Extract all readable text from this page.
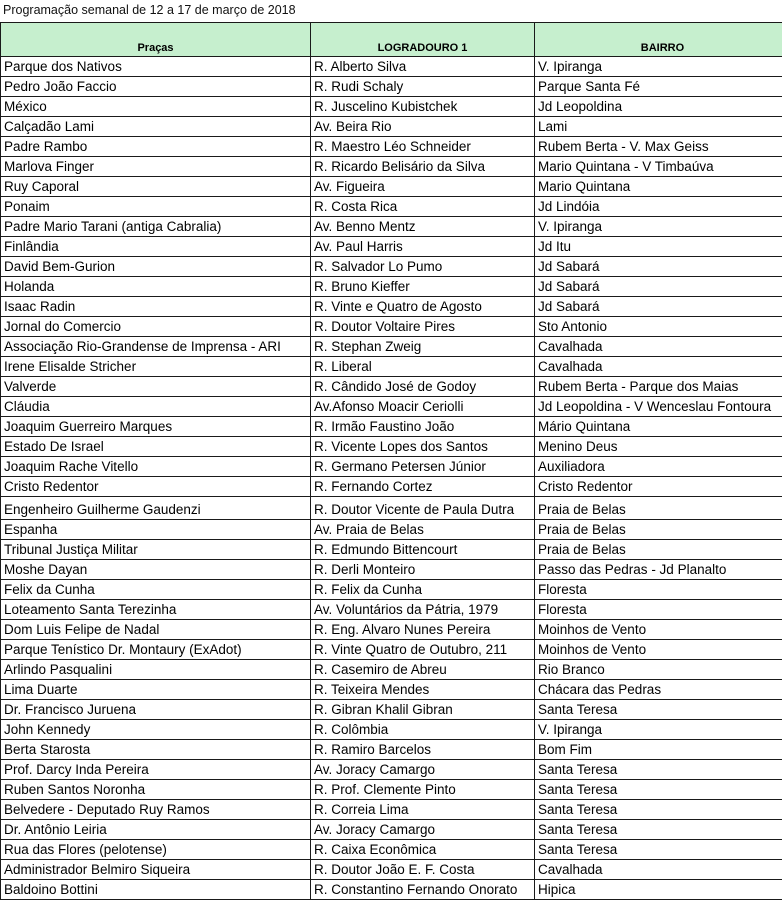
Programação semanal de 12 a 17 de março de 2018
Praças	LOGRADOURO 1	BAIRRO
Parque dos Nativos	R. Alberto Silva	V. Ipiranga
Pedro João Faccio	R. Rudi Schaly	Parque Santa Fé
México	R. Juscelino Kubistchek	Jd Leopoldina
Calçadão Lami	Av. Beira Rio	Lami
Padre Rambo	R. Maestro Léo Schneider	Rubem Berta - V. Max Geiss
Marlova Finger	R. Ricardo Belisário da Silva	Mario Quintana - V Timbaúva
Ruy Caporal	Av. Figueira	Mario Quintana
Ponaim	R. Costa Rica	Jd Lindóia
Padre Mario Tarani (antiga Cabralia)	Av. Benno Mentz	V. Ipiranga
Finlândia	Av. Paul Harris	Jd Itu
David Bem-Gurion	R. Salvador Lo Pumo	Jd Sabará
Holanda	R. Bruno Kieffer	Jd Sabará
Isaac Radin	R. Vinte e Quatro de Agosto	Jd Sabará
Jornal do Comercio	R. Doutor Voltaire Pires	Sto Antonio
Associação Rio-Grandense de Imprensa - ARI	R. Stephan Zweig	Cavalhada
Irene Elisalde Stricher	R. Liberal	Cavalhada
Valverde	R. Cândido José de Godoy	Rubem Berta - Parque dos Maias
Cláudia	Av.Afonso Moacir Ceriolli	Jd Leopoldina - V Wenceslau Fontoura
Joaquim Guerreiro Marques	R. Irmão Faustino João	Mário Quintana
Estado De Israel	R. Vicente Lopes dos Santos	Menino Deus
Joaquim Rache Vitello	R. Germano Petersen Júnior	Auxiliadora
Cristo Redentor	R. Fernando Cortez	Cristo Redentor
Engenheiro Guilherme Gaudenzi	R. Doutor Vicente de Paula Dutra	Praia de Belas
Espanha	Av. Praia de Belas	Praia de Belas
Tribunal Justiça Militar	R. Edmundo Bittencourt	Praia de Belas
Moshe Dayan	R. Derli Monteiro	Passo das Pedras - Jd Planalto
Felix da Cunha	R. Felix da Cunha	Floresta
Loteamento Santa Terezinha	Av. Voluntários da Pátria, 1979	Floresta
Dom Luis Felipe de Nadal	R. Eng. Alvaro Nunes Pereira	Moinhos de Vento
Parque Tenístico Dr. Montaury (ExAdot)	R. Vinte Quatro de Outubro, 211	Moinhos de Vento
Arlindo Pasqualini	R. Casemiro de Abreu	Rio Branco
Lima Duarte	R. Teixeira Mendes	Chácara das Pedras
Dr. Francisco Juruena	R. Gibran Khalil Gibran	Santa Teresa
John Kennedy	R. Colômbia	V. Ipiranga
Berta Starosta	R. Ramiro Barcelos	Bom Fim
Prof. Darcy Inda Pereira	Av. Joracy Camargo	Santa Teresa
Ruben Santos Noronha	R. Prof. Clemente Pinto	Santa Teresa
Belvedere - Deputado Ruy Ramos	R. Correia Lima	Santa Teresa
Dr. Antônio Leiria	Av. Joracy Camargo	Santa Teresa
Rua das Flores (pelotense)	R. Caixa Econômica	Santa Teresa
Administrador Belmiro Siqueira	R. Doutor João E. F. Costa	Cavalhada
Baldoino Bottini	R. Constantino Fernando Onorato	Hipica
